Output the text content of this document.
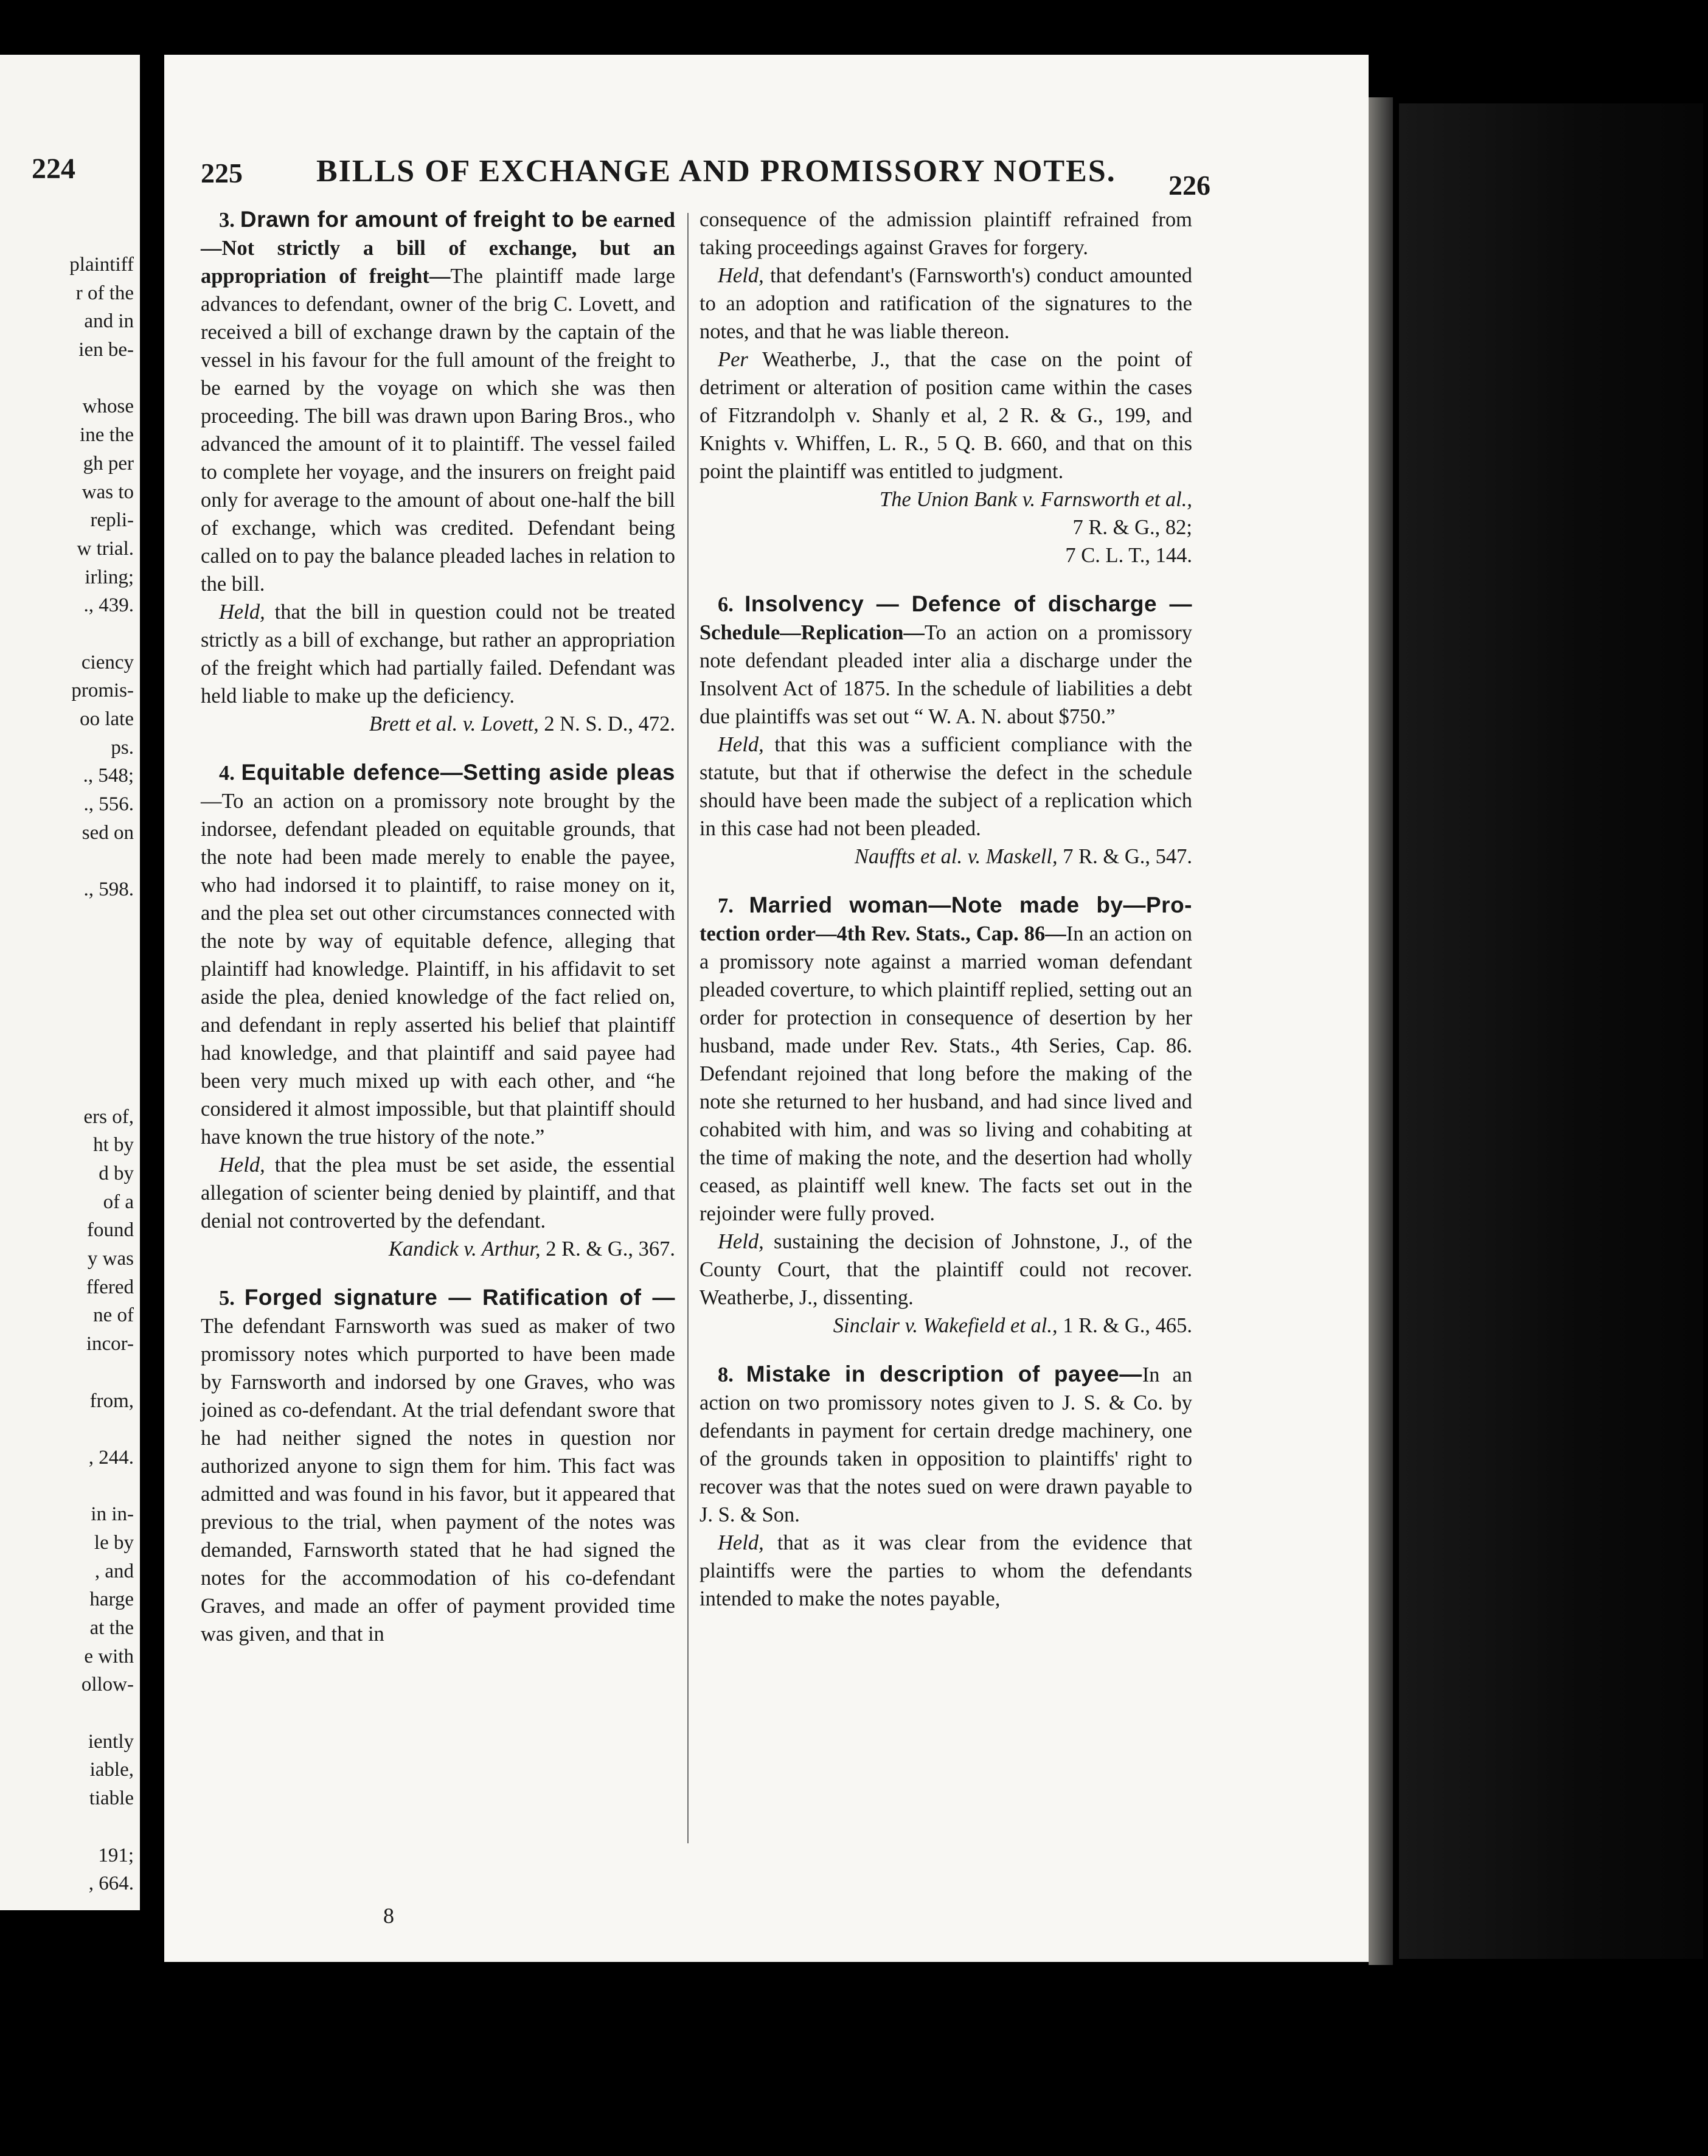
224
plaintiff
r of the
and in
ien be-
whose
ine the
gh per
was to
repli-
w trial.
irling;
., 439.
ciency
promis-
oo late
ps.
., 548;
., 556.
sed on
., 598.
ers of,
ht by
d by
of a
found
y was
ffered
ne of
incor-
from,
, 244.
in in-
le by
, and
harge
at the
e with
ollow-
iently
iable,
tiable
191;
, 664.
225 BILLS OF EXCHANGE AND PROMISSORY NOTES. 226

3. Drawn for amount of freight to be earned—Not strictly a bill of exchange, but an appropriation of freight—The plaintiff made large advances to defendant, owner of the brig C. Lovett, and received a bill of exchange drawn by the captain of the vessel in his favour for the full amount of the freight to be earned by the voyage on which she was then proceeding. The bill was drawn upon Baring Bros., who advanced the amount of it to plaintiff. The vessel failed to complete her voyage, and the insurers on freight paid only for average to the amount of about one-half the bill of exchange, which was credited. Defendant being called on to pay the balance pleaded laches in relation to the bill.

Held, that the bill in question could not be treated strictly as a bill of exchange, but rather an appropriation of the freight which had partially failed. Defendant was held liable to make up the deficiency.

Brett et al. v. Lovett, 2 N. S. D., 472.

4. Equitable defence—Setting aside pleas —To an action on a promissory note brought by the indorsee, defendant pleaded on equitable grounds, that the note had been made merely to enable the payee, who had indorsed it to plaintiff, to raise money on it, and the plea set out other circumstances connected with the note by way of equitable defence, alleging that plaintiff had knowledge. Plaintiff, in his affidavit to set aside the plea, denied knowledge of the fact relied on, and defendant in reply asserted his belief that plaintiff had knowledge, and that plaintiff and said payee had been very much mixed up with each other, and “he considered it almost impossible, but that plaintiff should have known the true history of the note.”

Held, that the plea must be set aside, the essential allegation of scienter being denied by plaintiff, and that denial not controverted by the defendant.

Kandick v. Arthur, 2 R. & G., 367.

5. Forged signature — Ratification of — The defendant Farnsworth was sued as maker of two promissory notes which purported to have been made by Farnsworth and indorsed by one Graves, who was joined as co-defendant. At the trial defendant swore that he had neither signed the notes in question nor authorized anyone to sign them for him. This fact was admitted and was found in his favor, but it appeared that previous to the trial, when payment of the notes was demanded, Farnsworth stated that he had signed the notes for the accommodation of his co-defendant Graves, and made an offer of payment provided time was given, and that in

consequence of the admission plaintiff refrained from taking proceedings against Graves for forgery.

Held, that defendant's (Farnsworth's) conduct amounted to an adoption and ratification of the signatures to the notes, and that he was liable thereon.

Per Weatherbe, J., that the case on the point of detriment or alteration of position came within the cases of Fitzrandolph v. Shanly et al, 2 R. & G., 199, and Knights v. Whiffen, L. R., 5 Q. B. 660, and that on this point the plaintiff was entitled to judgment.

The Union Bank v. Farnsworth et al.,

7 R. & G., 82;

7 C. L. T., 144.

6. Insolvency — Defence of discharge — Schedule—Replication—To an action on a promissory note defendant pleaded inter alia a discharge under the Insolvent Act of 1875. In the schedule of liabilities a debt due plaintiffs was set out “ W. A. N. about $750.”

Held, that this was a sufficient compliance with the statute, but that if otherwise the defect in the schedule should have been made the subject of a replication which in this case had not been pleaded.

Nauffts et al. v. Maskell, 7 R. & G., 547.

7. Married woman—Note made by—Pro- tection order—4th Rev. Stats., Cap. 86—In an action on a promissory note against a married woman defendant pleaded coverture, to which plaintiff replied, setting out an order for protection in consequence of desertion by her husband, made under Rev. Stats., 4th Series, Cap. 86. Defendant rejoined that long before the making of the note she returned to her husband, and had since lived and cohabited with him, and was so living and cohabiting at the time of making the note, and the desertion had wholly ceased, as plaintiff well knew. The facts set out in the rejoinder were fully proved.

Held, sustaining the decision of Johnstone, J., of the County Court, that the plaintiff could not recover. Weatherbe, J., dissenting.

Sinclair v. Wakefield et al., 1 R. & G., 465.

8. Mistake in description of payee—In an action on two promissory notes given to J. S. & Co. by defendants in payment for certain dredge machinery, one of the grounds taken in opposition to plaintiffs' right to recover was that the notes sued on were drawn payable to J. S. & Son.

Held, that as it was clear from the evidence that plaintiffs were the parties to whom the defendants intended to make the notes payable,

8
